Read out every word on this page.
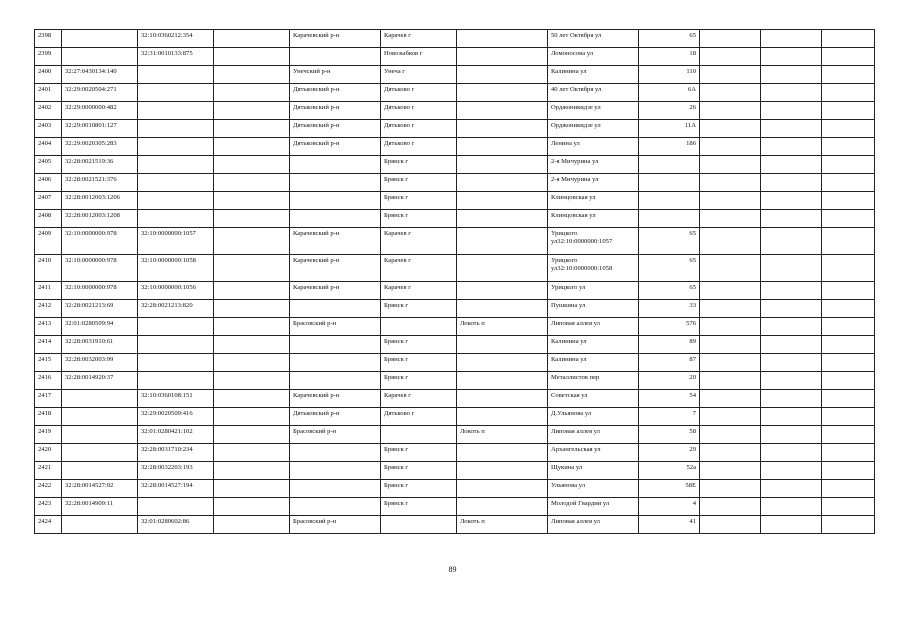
2398		32:10:0360212:354		Карачевский р-н	Карачев г		50 лет Октября ул	65			
2399		32:31:0010133:875			Новозыбков г		Ломоносова ул	18			
2400	32:27:0430134:140			Унечский р-н	Унеча г		Калинина ул	110			
2401	32:29:0020504:271			Дятьковский р-н	Дятьково г		40 лет Октября ул	6А			
2402	32:29:0000000:482			Дятьковский р-н	Дятьково г		Орджоникидзе ул	26			
2403	32:29:0010801:127			Дятьковский р-н	Дятьково г		Орджоникидзе ул	11А			
2404	32:29:0020305:283			Дятьковский р-н	Дятьково г		Ленина ул	186			
2405	32:28:0021519:36				Брянск г		2-я Мичурина ул				
2406	32:28:0021521:376				Брянск г		2-я Мичурина ул				
2407	32:28:0012003:1206				Брянск г		Клинцовская ул				
2408	32:28:0012003:1208				Брянск г		Клинцовская ул				
2409	32:10:0000000:978	32:10:0000000:1057		Карачевский р-н	Карачев г		Урицкого ул32:10:0000000:1057	65			
2410	32:10:0000000:978	32:10:0000000:1058		Карачевский р-н	Карачев г		Урицкого ул32:10:0000000:1058	65			
2411	32:10:0000000:978	32:10:0000000:1056		Карачевский р-н	Карачев г		Урицкого ул	65			
2412	32:28:0021213:69	32:28:0021213:820			Брянск г		Пушкина ул	33			
2413	32:01:0280509:94			Брасовский р-н		Локоть п	Липовая аллея ул	576			
2414	32:28:0031910:61				Брянск г		Калинина ул	89			
2415	32:28:0032003:99				Брянск г		Калинина ул	87			
2416	32:28:0014920:37				Брянск г		Металлистов пер	20			
2417		32:10:0360108:151		Карачевский р-н	Карачев г		Советская ул	54			
2418		32:29:0020509:416		Дятьковский р-н	Дятьково г		Д.Ульянова ул	7			
2419		32:01:0280421:102		Брасовский р-н		Локоть п	Липовая аллея ул	58			
2420		32:28:0031710:234			Брянск г		Архангельская ул	29			
2421		32:28:0032203:193			Брянск г		Щукина ул	52а			
2422	32:28:0014527:92	32:28:0014527:194			Брянск г		Ульянова ул	58Е			
2423	32:28:0014909:11				Брянск г		Молодой Гвардии ул	4			
2424		32:01:0280602:86		Брасовский р-н		Локоть п	Липовая аллея ул	41			
89
